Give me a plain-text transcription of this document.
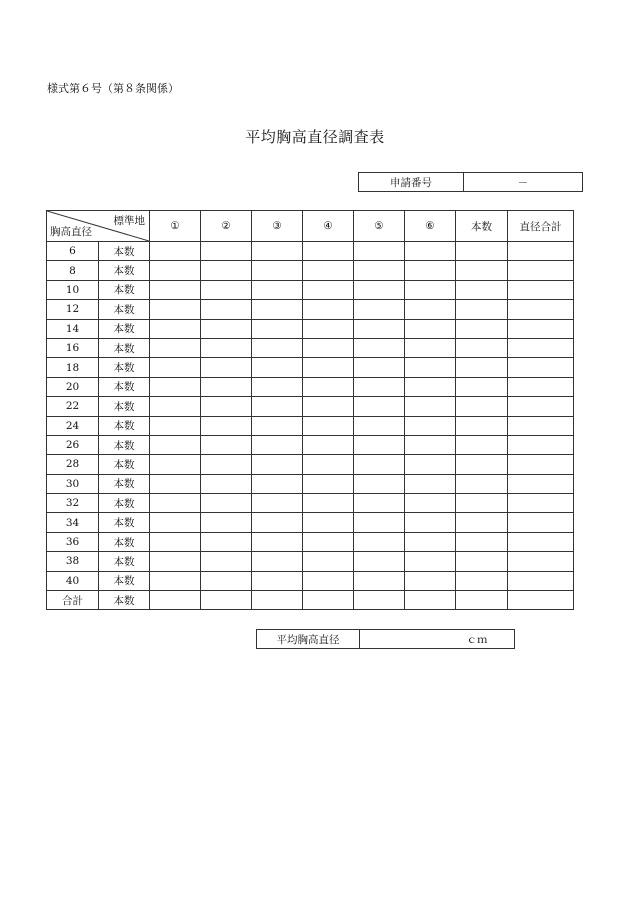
様式第６号（第８条関係）
平均胸高直径調査表
申請番号	－
標準地
胸高直径		①	②	③	④	⑤	⑥	本数	直径合計
6	本数								
8	本数								
10	本数								
12	本数								
14	本数								
16	本数								
18	本数								
20	本数								
22	本数								
24	本数								
26	本数								
28	本数								
30	本数								
32	本数								
34	本数								
36	本数								
38	本数								
40	本数								
合計	本数								
平均胸高直径	ｃｍ
